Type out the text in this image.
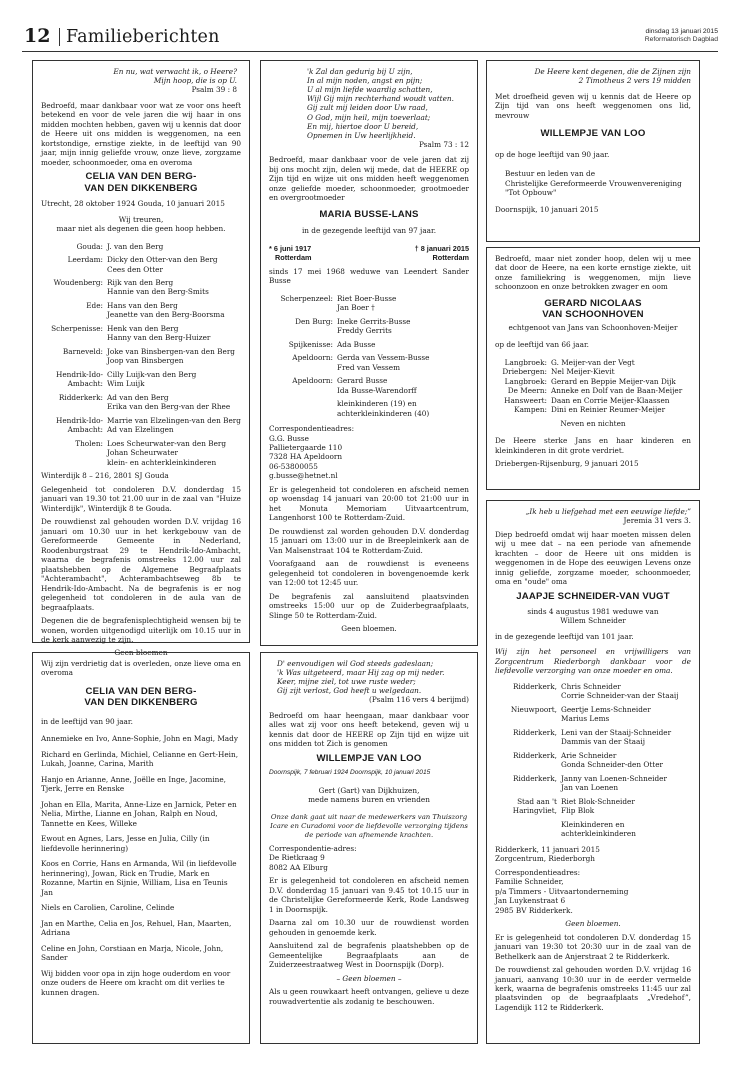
12 Familieberichten	dinsdag 13 januari 2015
Reformatorisch Dagblad
En nu, wat verwacht ik, o Heere?
Mijn hoop, die is op U.
Psalm 39 : 8

Bedroefd, maar dankbaar voor wat ze voor ons heeft betekend en voor de vele jaren die wij haar in ons midden mochten hebben, gaven wij u kennis dat door de Heere uit ons midden is weggenomen, na een kortstondige, ernstige ziekte, in de leeftijd van 90 jaar, mijn innig geliefde vrouw, onze lieve, zorgzame moeder, schoonmoeder, oma en overoma

CELIA VAN DEN BERG-
VAN DEN DIKKENBERG

Utrecht, 28 oktober 1924 Gouda, 10 januari 2015

Wij treuren,
maar niet als degenen die geen hoop hebben.

Gouda: J. van den Berg
Leerdam: Dicky den Otter-van den Berg
Cees den Otter
Woudenberg: Rijk van den Berg
Hannie van den Berg-Smits
Ede: Hans van den Berg
Jeanette van den Berg-Boorsma
Scherpenisse: Henk van den Berg
Hanny van den Berg-Huizer
Barneveld: Joke van Binsbergen-van den Berg
Joop van Binsbergen
Hendrik-Ido-Ambacht:
Cilly Luijk-van den Berg
Wim Luijk
Ridderkerk: Ad van den Berg
Erika van den Berg-van der Rhee
Hendrik-Ido-Ambacht:
Marrie van Elzelingen-van den Berg
Ad van Elzelingen
Tholen: Loes Scheurwater-van den Berg
Johan Scheurwater
klein- en achterkleinkinderen

Winterdijk 8 – 216, 2801 SJ Gouda

Gelegenheid tot condoleren D.V. donderdag 15 januari van 19.30 tot 21.00 uur in de zaal van "Huize Winterdijk", Winterdijk 8 te Gouda.

De rouwdienst zal gehouden worden D.V. vrijdag 16 januari om 10.30 uur in het kerkgebouw van de Gereformeerde Gemeente in Nederland, Roodenburgstraat 29 te Hendrik-Ido-Ambacht, waarna de begrafenis omstreeks 12.00 uur zal plaatshebben op de Algemene Begraafplaats "Achterambacht", Achterambachtseweg 8b te Hendrik-Ido-Ambacht. Na de begrafenis is er nog gelegenheid tot condoleren in de aula van de begraafplaats.

Degenen die de begrafenisplechtigheid wensen bij te wonen, worden uitgenodigd uiterlijk om 10.15 uur in de kerk aanwezig te zijn.

Geen bloemen

Wij zijn verdrietig dat is overleden, onze lieve oma en overoma

CELIA VAN DEN BERG-
VAN DEN DIKKENBERG

in de leeftijd van 90 jaar.

Annemieke en Ivo, Anne-Sophie, John en Magi, Mady

Richard en Gerlinda, Michiel, Celianne en Gert-Hein, Lukah, Joanne, Carina, Marith

Hanjo en Arianne, Anne, Joëlle en Inge, Jacomine, Tjerk, Jerre en Renske

Johan en Ella, Marita, Anne-Lize en Jarnick, Peter en Nelia, Mirthe, Lianne en Johan, Ralph en Noud, Tannette en Kees, Willeke

Ewout en Agnes, Lars, Jesse en Julia, Cilly (in liefdevolle herinnering)

Koos en Corrie, Hans en Armanda, Wil (in liefdevolle herinnering), Jowan, Rick en Trudie, Mark en Rozanne, Martin en Sijnie, William, Lisa en Teunis Jan

Niels en Carolien, Caroline, Celinde

Jan en Marthe, Celia en Jos, Rehuel, Han, Maarten, Adriana

Celine en John, Corstiaan en Marja, Nicole, John, Sander

Wij bidden voor opa in zijn hoge ouderdom en voor onze ouders de Heere om kracht om dit verlies te kunnen dragen.

'k Zal dan gedurig bij U zijn,
In al mijn noden, angst en pijn;
U al mijn liefde waardig schatten,
Wijl Gij mijn rechterhand woudt vatten.
Gij zult mij leiden door Uw raad,
O God, mijn heil, mijn toeverlaat;
En mij, hiertoe door U bereid,
Opnemen in Uw heerlijkheid.
Psalm 73 : 12

Bedroefd, maar dankbaar voor de vele jaren dat zij bij ons mocht zijn, delen wij mede, dat de HEERE op Zijn tijd en wijze uit ons midden heeft weggenomen onze geliefde moeder, schoonmoeder, grootmoeder en overgrootmoeder

MARIA BUSSE-LANS

in de gezegende leeftijd van 97 jaar.

* 6 juni 1917
Rotterdam
† 8 januari 2015
Rotterdam

sinds 17 mei 1968 weduwe van Leendert Sander Busse

Scherpenzeel: Riet Boer-Busse
Jan Boer †
Den Burg: Ineke Gerrits-Busse
Freddy Gerrits
Spijkenisse: Ada Busse
Apeldoorn: Gerda van Vessem-Busse
Fred van Vessem
Apeldoorn: Gerard Busse
Ida Busse-Warendorff
kleinkinderen (19) en
achterkleinkinderen (40)

Correspondentieadres:
G.G. Busse
Pallietergaarde 110
7328 HA Apeldoorn
06-53800055
g.busse@hetnet.nl

Er is gelegenheid tot condoleren en afscheid nemen op woensdag 14 januari van 20:00 tot 21:00 uur in het Monuta Memoriam Uitvaartcentrum, Langenhorst 100 te Rotterdam-Zuid.

De rouwdienst zal worden gehouden D.V. donderdag 15 januari om 13:00 uur in de Breepleinkerk aan de Van Malsenstraat 104 te Rotterdam-Zuid.

Voorafgaand aan de rouwdienst is eveneens gelegenheid tot condoleren in bovengenoemde kerk van 12:00 tot 12:45 uur.

De begrafenis zal aansluitend plaatsvinden omstreeks 15:00 uur op de Zuiderbegraafplaats, Slinge 50 te Rotterdam-Zuid.

Geen bloemen.

D' eenvoudigen wil God steeds gadeslaan;
'k Was uitgeteerd, maar Hij zag op mij neder.
Keer, mijne ziel, tot uwe ruste weder;
Gij zijt verlost, God heeft u welgedaan.
(Psalm 116 vers 4 berijmd)

Bedroefd om haar heengaan, maar dankbaar voor alles wat zij voor ons heeft betekend, geven wij u kennis dat door de HEERE op Zijn tijd en wijze uit ons midden tot Zich is genomen

WILLEMPJE VAN LOO

Doornspijk, 7 februari 1924 Doornspijk, 10 januari 2015

Gert (Gart) van Dijkhuizen,
mede namens buren en vrienden

Onze dank gaat uit naar de medewerkers van Thuiszorg Icare en Curadomi voor de liefdevolle verzorging tijdens de periode van afnemende krachten.

Correspondentie-adres:
De Rietkraag 9
8082 AA Elburg

Er is gelegenheid tot condoleren en afscheid nemen D.V. donderdag 15 januari van 9.45 tot 10.15 uur in de Christelijke Gereformeerde Kerk, Rode Landsweg 1 in Doornspijk.

Daarna zal om 10.30 uur de rouwdienst worden gehouden in genoemde kerk.

Aansluitend zal de begrafenis plaatshebben op de Gemeentelijke Begraafplaats aan de Zuiderzeestraatweg West in Doornspijk (Dorp).

– Geen bloemen –

Als u geen rouwkaart heeft ontvangen, gelieve u deze rouwadvertentie als zodanig te beschouwen.

De Heere kent degenen, die de Zijnen zijn
2 Timotheus 2 vers 19 midden

Met droefheid geven wij u kennis dat de Heere op Zijn tijd van ons heeft weggenomen ons lid, mevrouw

WILLEMPJE VAN LOO

op de hoge leeftijd van 90 jaar.

Bestuur en leden van de
Christelijke Gereformeerde Vrouwenvereniging
"Tot Opbouw"

Doornspijk, 10 januari 2015

Bedroefd, maar niet zonder hoop, delen wij u mee dat door de Heere, na een korte ernstige ziekte, uit onze familiekring is weggenomen, mijn lieve schoonzoon en onze betrokken zwager en oom

GERARD NICOLAAS
VAN SCHOONHOVEN

echtgenoot van Jans van Schoonhoven-Meijer

op de leeftijd van 66 jaar.

Langbroek: G. Meijer-van der Vegt
Driebergen: Nel Meijer-Kievit
Langbroek: Gerard en Beppie Meijer-van Dijk
De Meern: Anneke en Dolf van de Baan-Meijer
Hansweert: Daan en Corrie Meijer-Klaassen
Kampen: Dini en Reinier Reumer-Meijer

Neven en nichten

De Heere sterke Jans en haar kinderen en kleinkinderen in dit grote verdriet.

Driebergen-Rijsenburg, 9 januari 2015

„Ik heb u liefgehad met een eeuwige liefde;”
Jeremia 31 vers 3.

Diep bedroefd omdat wij haar moeten missen delen wij u mee dat – na een periode van afnemende krachten – door de Heere uit ons midden is weggenomen in de Hope des eeuwigen Levens onze innig geliefde, zorgzame moeder, schoonmoeder, oma en "oude" oma

JAAPJE SCHNEIDER-VAN VUGT

sinds 4 augustus 1981 weduwe van
Willem Schneider

in de gezegende leeftijd van 101 jaar.

Wij zijn het personeel en vrijwilligers van Zorgcentrum Riederborgh dankbaar voor de liefdevolle verzorging van onze moeder en oma.

Ridderkerk, Chris Schneider
Corrie Schneider-van der Staaij
Nieuwpoort, Geertje Lems-Schneider
Marius Lems
Ridderkerk, Leni van der Staaij-Schneider
Dammis van der Staaij
Ridderkerk, Arie Schneider
Gonda Schneider-den Otter
Ridderkerk, Janny van Loenen-Schneider
Jan van Loenen
Stad aan 't Haringvliet,
Riet Blok-Schneider
Flip Blok
Kleinkinderen en
achterkleinkinderen

Ridderkerk, 11 januari 2015
Zorgcentrum, Riederborgh

Correspondentieadres:
Familie Schneider,
p/a Timmers - Uitvaartonderneming
Jan Luykenstraat 6
2985 BV Ridderkerk.

Geen bloemen.

Er is gelegenheid tot condoleren D.V. donderdag 15 januari van 19:30 tot 20:30 uur in de zaal van de Bethelkerk aan de Anjerstraat 2 te Ridderkerk.

De rouwdienst zal gehouden worden D.V. vrijdag 16 januari, aanvang 10:30 uur in de eerder vermelde kerk, waarna de begrafenis omstreeks 11:45 uur zal plaatsvinden op de begraafplaats „Vredehof”, Lagendijk 112 te Ridderkerk.
